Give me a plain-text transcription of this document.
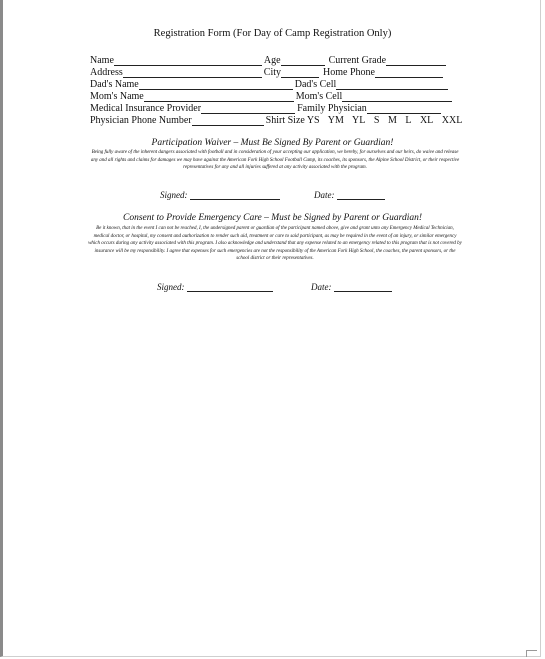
Registration Form (For Day of Camp Registration Only)
Name	Age	Current Grade
Address	City	Home Phone
Dad's Name	Dad's Cell
Mom's Name	Mom's Cell
Medical Insurance Provider	Family Physician
Physician Phone Number	Shirt Size YS YM YL S M L XL XXL
Participation Waiver – Must Be Signed By Parent or Guardian!
Being fully aware of the inherent dangers associated with football and in consideration of your accepting our application, we hereby, for ourselves and our heirs, do waive and release any and all rights and claims for damages we may have against the American Fork High School Football Camp, its coaches, its sponsors, the Alpine School District, or their respective representatives for any and all injuries suffered at any activity associated with the program.
Signed:	Date:
Consent to Provide Emergency Care – Must be Signed by Parent or Guardian!
Be it known, that in the event I can not be reached, I, the undersigned parent or guardian of the participant named above, give and grant unto any Emergency Medical Technician, medical doctor, or hospital, my consent and authorization to render such aid, treatment or care to said participant, as may be required in the event of an injury, or similar emergency which occurs during any activity associated with this program. I also acknowledge and understand that any expense related to an emergency related to this program that is not covered by insurance will be my responsibility. I agree that expenses for such emergencies are not the responsibility of the American Fork High School, the coaches, the parent sponsors, or the school district or their representatives.
Signed:	Date:
